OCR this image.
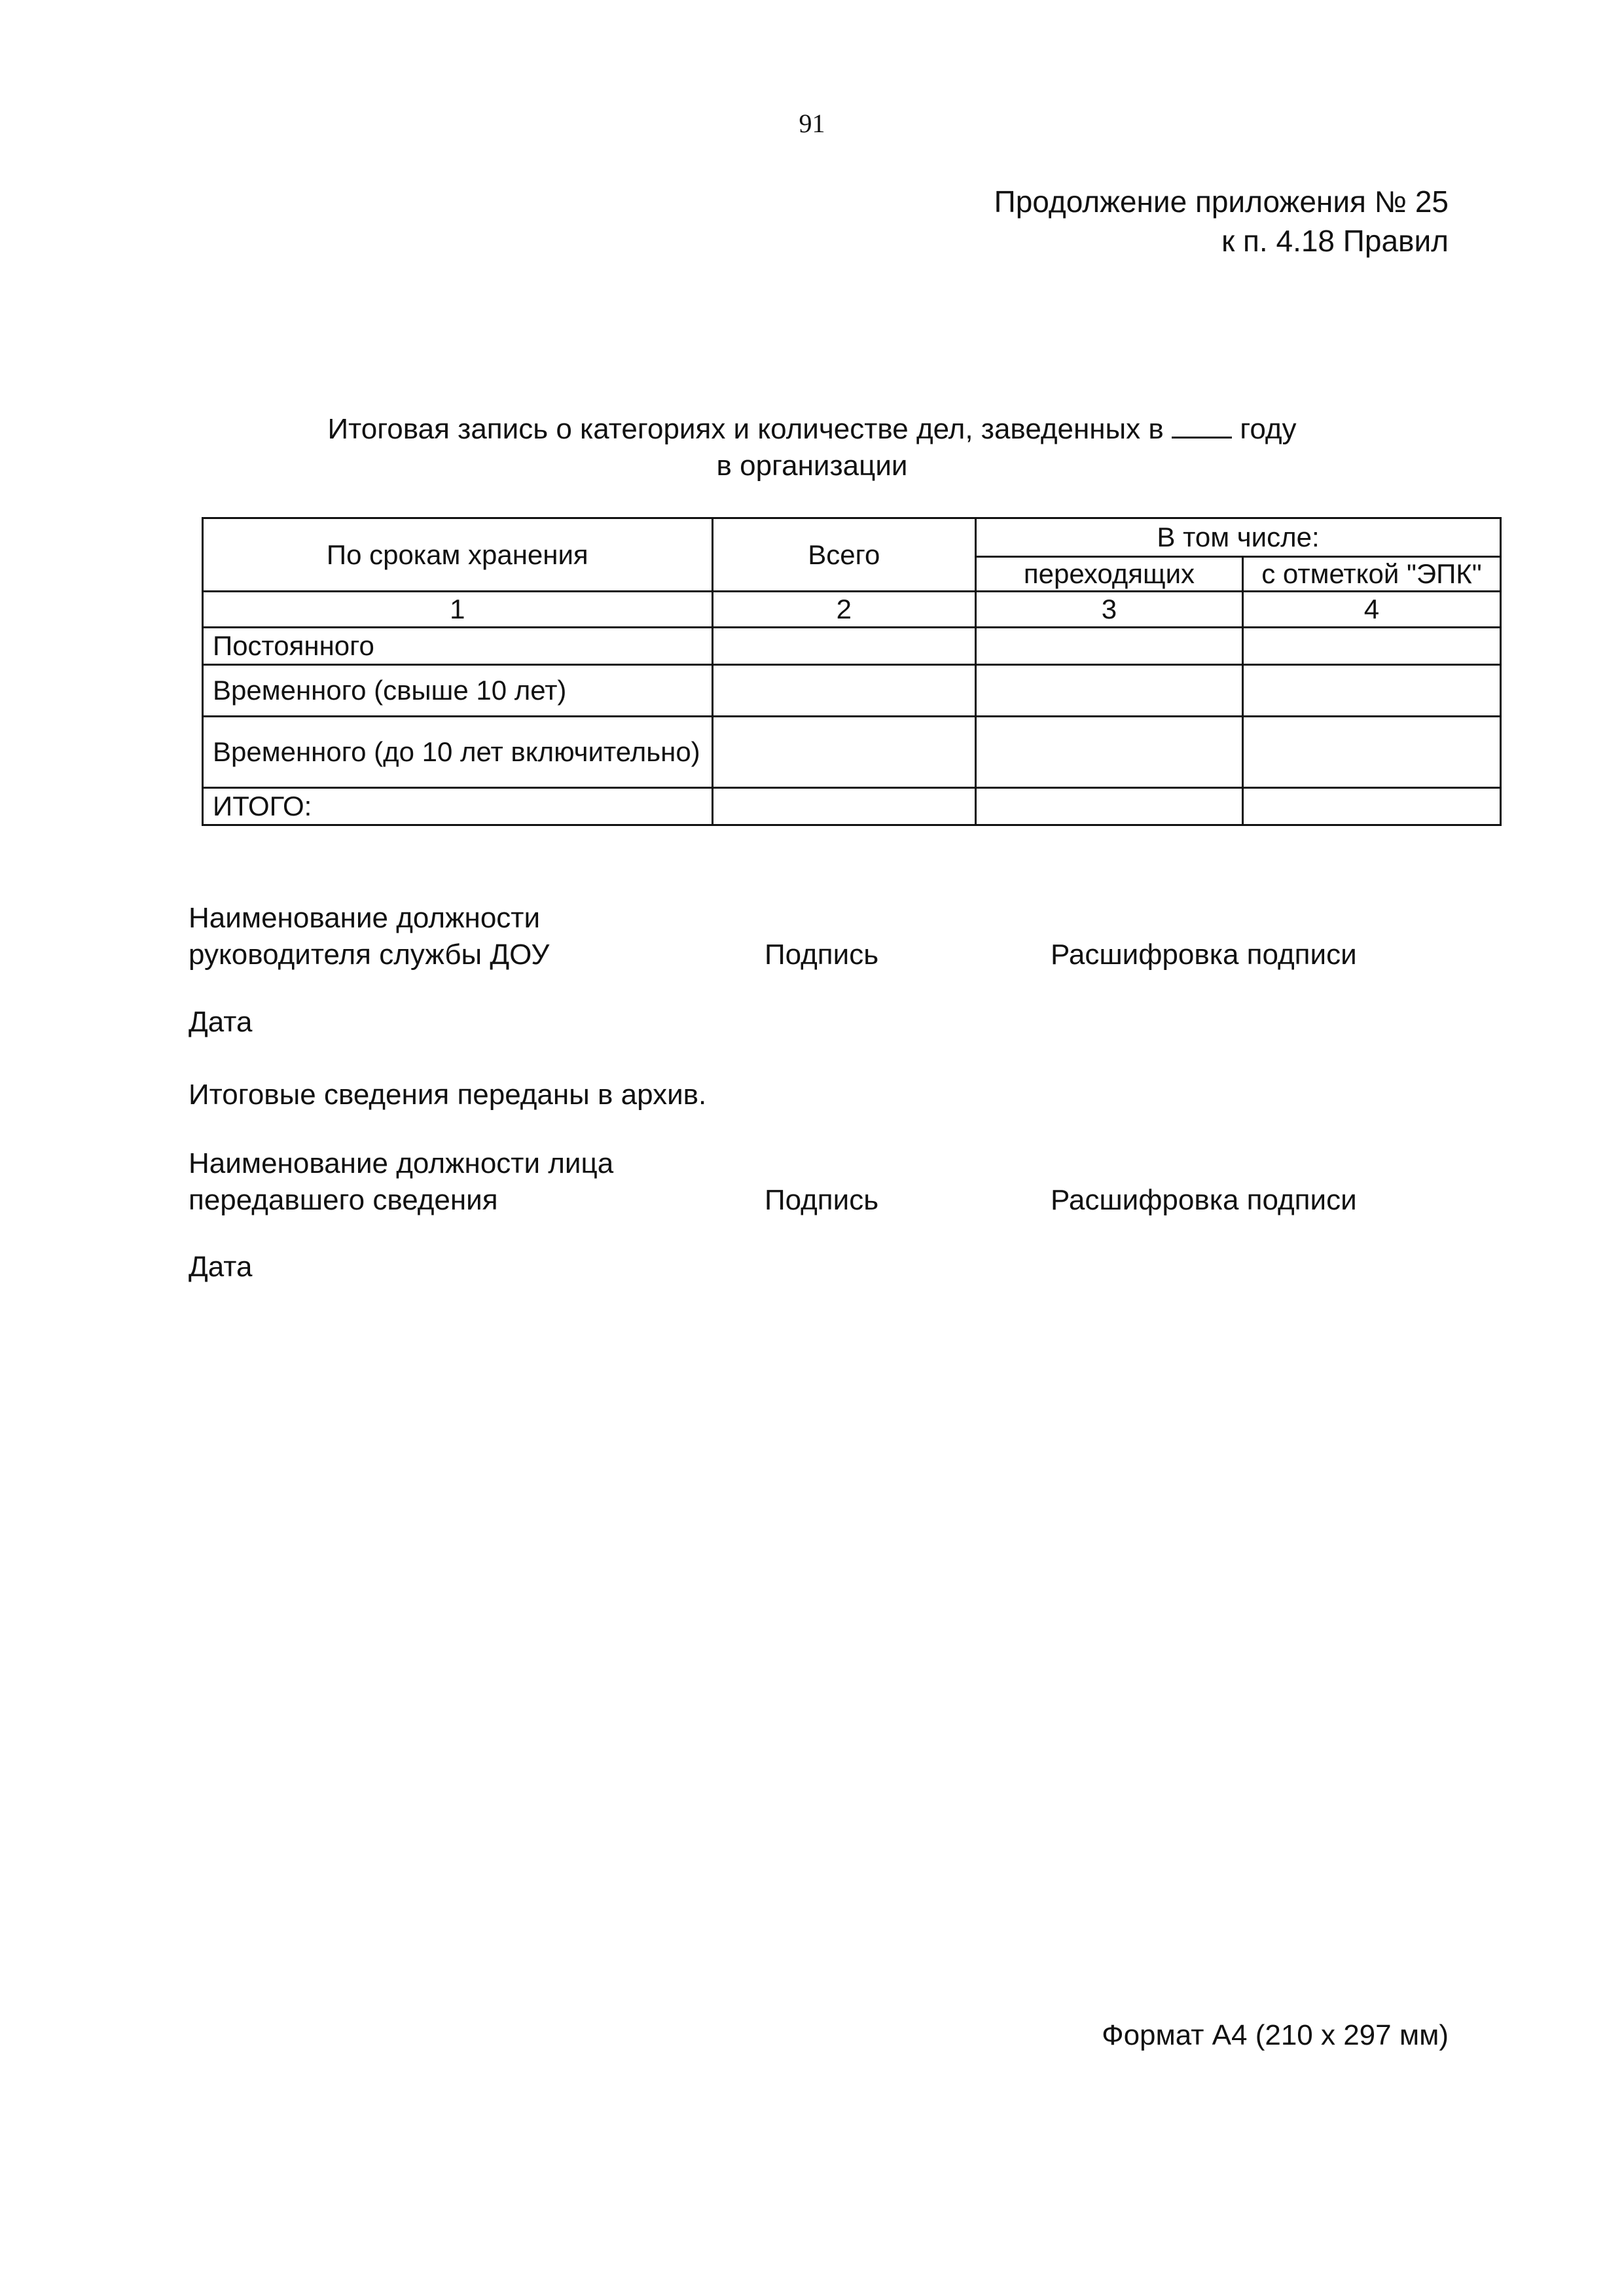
91
Продолжение приложения № 25
к п. 4.18 Правил
Итоговая запись о категориях и количестве дел, заведенных в	году
в организации
По срокам хранения	Всего	В том числе:	
		переходящих	с отметкой "ЭПК"
1	2	3	4
Постоянного			
Временного (свыше 10 лет)			
Временного (до 10 лет включительно)			
ИТОГО:			
Наименование должности
руководителя службы ДОУ	Подпись	Расшифровка подписи
Дата
Итоговые сведения переданы в архив.
Наименование должности лица
передавшего сведения	Подпись	Расшифровка подписи
Дата
Формат А4 (210 х 297 мм)
